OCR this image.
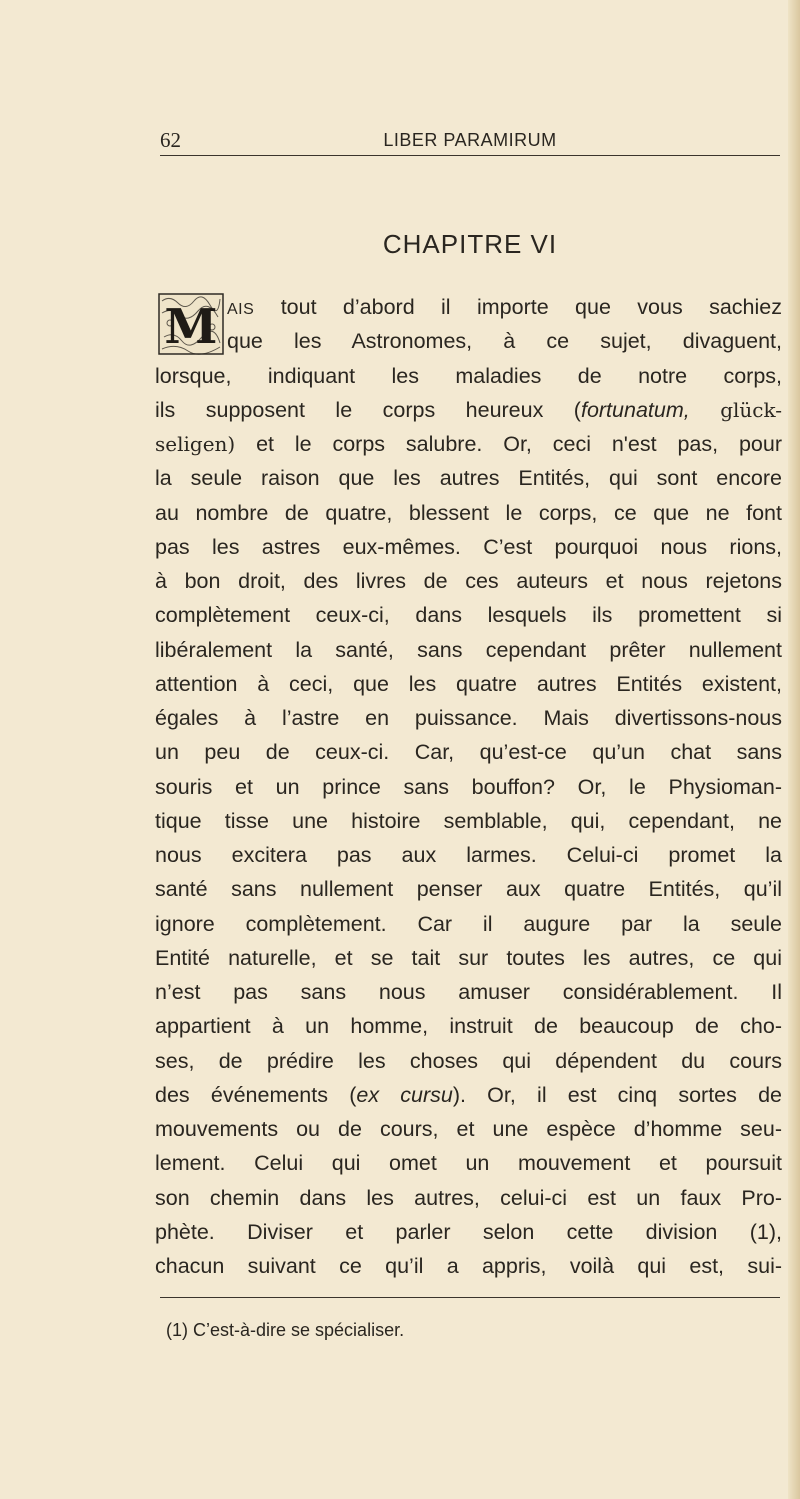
62	LIBER PARAMIRUM
CHAPITRE VI
M AIS tout d’abord il importe que vous sachiez
que les Astronomes, à ce sujet, divaguent,
lorsque, indiquant les maladies de notre corps,
ils supposent le corps heureux (fortunatum, glück-
seligen) et le corps salubre. Or, ceci n'est pas, pour
la seule raison que les autres Entités, qui sont encore
au nombre de quatre, blessent le corps, ce que ne font
pas les astres eux-mêmes. C’est pourquoi nous rions,
à bon droit, des livres de ces auteurs et nous rejetons
complètement ceux-ci, dans lesquels ils promettent si
libéralement la santé, sans cependant prêter nullement
attention à ceci, que les quatre autres Entités existent,
égales à l’astre en puissance. Mais divertissons-nous
un peu de ceux-ci. Car, qu’est-ce qu’un chat sans
souris et un prince sans bouffon? Or, le Physioman-
tique tisse une histoire semblable, qui, cependant, ne
nous excitera pas aux larmes. Celui-ci promet la
santé sans nullement penser aux quatre Entités, qu’il
ignore complètement. Car il augure par la seule
Entité naturelle, et se tait sur toutes les autres, ce qui
n’est pas sans nous amuser considérablement. Il
appartient à un homme, instruit de beaucoup de cho-
ses, de prédire les choses qui dépendent du cours
des événements (ex cursu). Or, il est cinq sortes de
mouvements ou de cours, et une espèce d’homme seu-
lement. Celui qui omet un mouvement et poursuit
son chemin dans les autres, celui-ci est un faux Pro-
phète. Diviser et parler selon cette division (1),
chacun suivant ce qu’il a appris, voilà qui est, sui-
(1) C’est-à-dire se spécialiser.
